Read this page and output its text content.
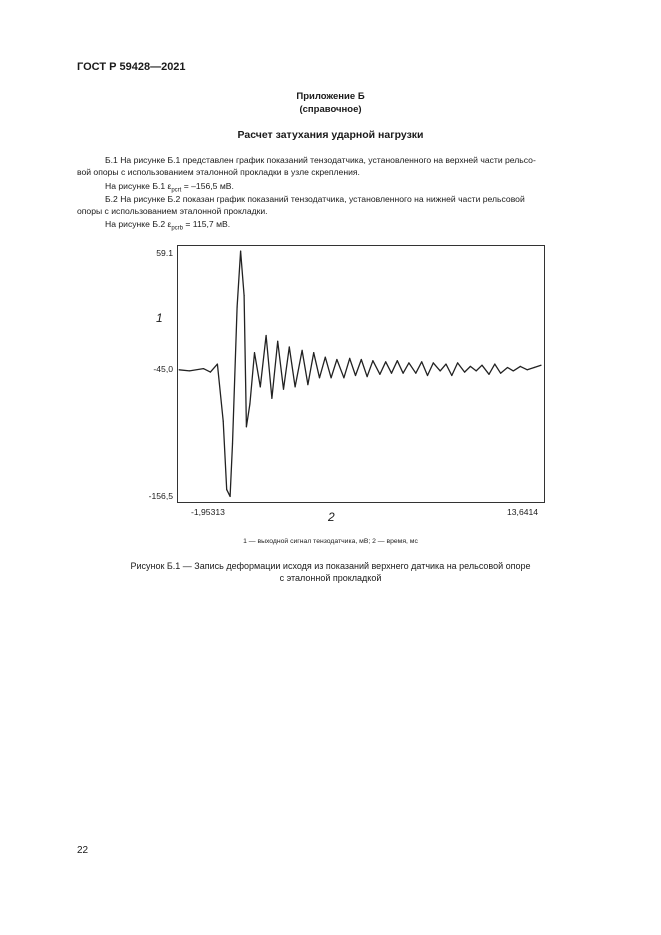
ГОСТ Р 59428—2021
Приложение Б
(справочное)
Расчет затухания ударной нагрузки
Б.1 На рисунке Б.1 представлен график показаний тензодатчика, установленного на верхней части рельсо-
вой опоры с использованием эталонной прокладки в узле скрепления.
На рисунке Б.1 $\varepsilon_{pcrt} = -156,5$ мВ.
Б.2 На рисунке Б.2 показан график показаний тензодатчика, установленного на нижней части рельсовой
опоры с использованием эталонной прокладки.
На рисунке Б.2 $\varepsilon_{pcrb} = 115,7$ мВ.
59.1
-45,0
-156,5
1
-1,95313	13,6414
2
1 — выходной сигнал тензодатчика, мВ; 2 — время, мс
Рисунок Б.1 — Запись деформации исходя из показаний верхнего датчика на рельсовой опоре
с эталонной прокладкой
22
